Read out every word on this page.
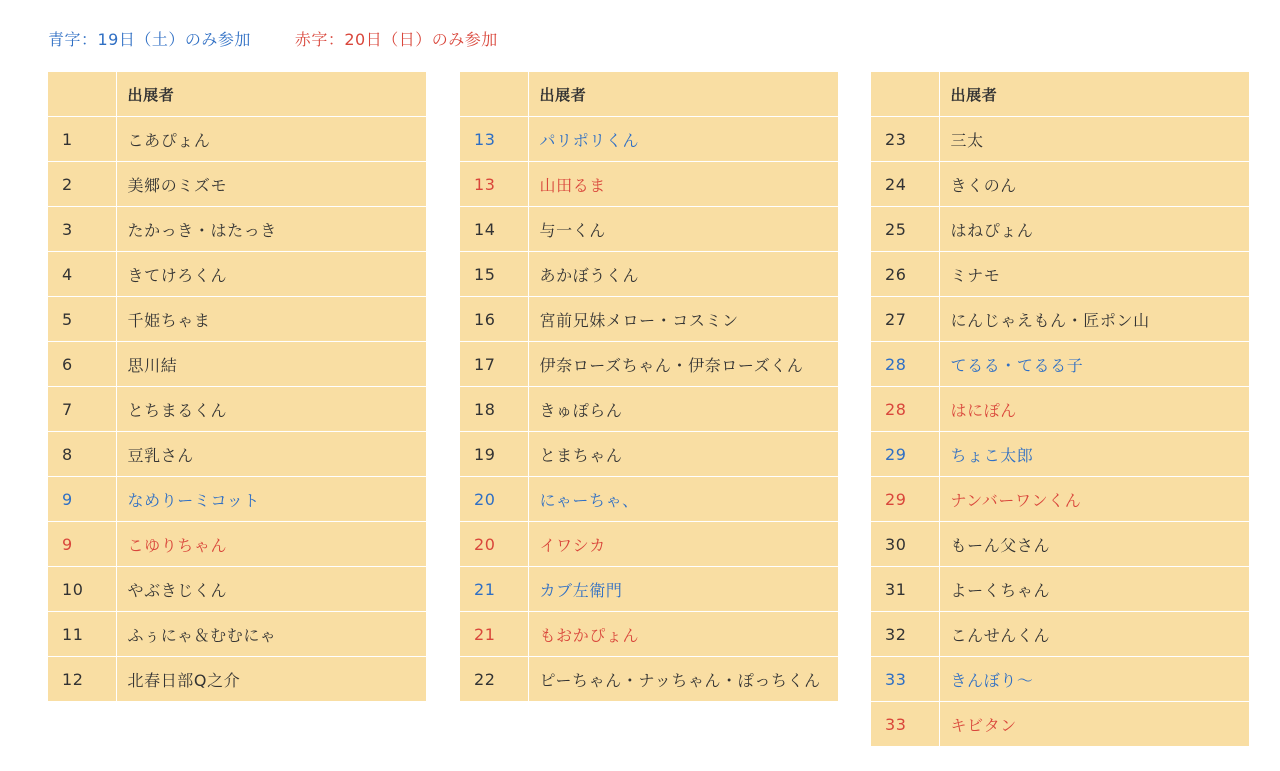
青字：19日（土）のみ参加	赤字：20日（日）のみ参加
	出展者
1	こあぴょん
2	美郷のミズモ
3	たかっき・はたっき
4	きてけろくん
5	千姫ちゃま
6	思川結
7	とちまるくん
8	豆乳さん
9	なめりーミコット
9	こゆりちゃん
10	やぶきじくん
11	ふぅにゃ＆むむにゃ
12	北春日部Q之介
	出展者
13	パリポリくん
13	山田るま
14	与一くん
15	あかぼうくん
16	宮前兄妹メロー・コスミン
17	伊奈ローズちゃん・伊奈ローズくん
18	きゅぽらん
19	とまちゃん
20	にゃーちゃ、
20	イワシカ
21	カブ左衛門
21	もおかぴょん
22	ピーちゃん・ナッちゃん・ぽっちくん
	出展者
23	三太
24	きくのん
25	はねぴょん
26	ミナモ
27	にんじゃえもん・匠ポン山
28	てるる・てるる子
28	はにぽん
29	ちょこ太郎
29	ナンバーワンくん
30	もーん父さん
31	よーくちゃん
32	こんせんくん
33	きんぼり〜
33	キビタン
